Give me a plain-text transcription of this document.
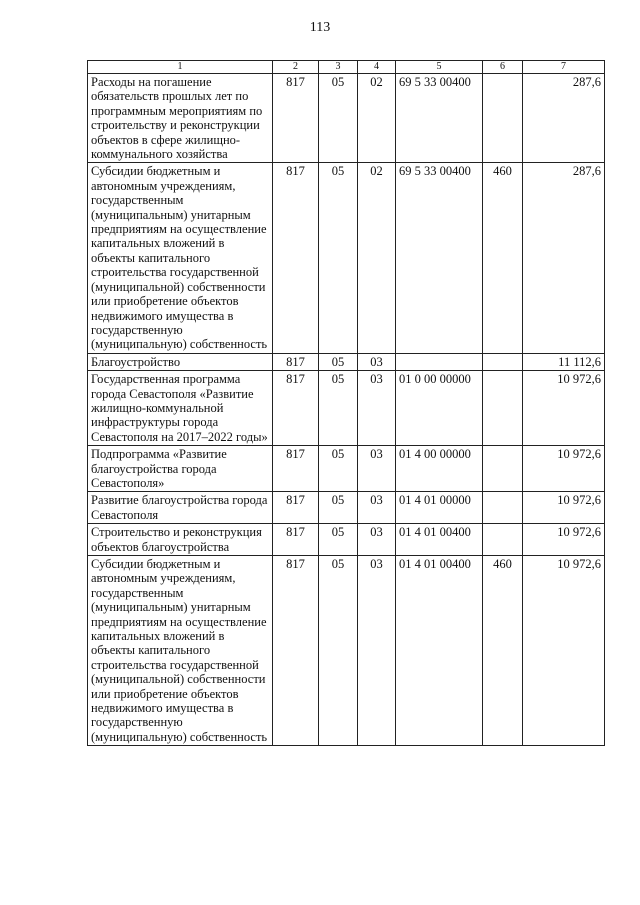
113
1	2	3	4	5	6	7
Расходы на погашение обязательств прошлых лет по программным мероприятиям по строительству и реконструкции объектов в сфере жилищно-коммунального хозяйства	817	05	02	69 5 33 00400		287,6
Субсидии бюджетным и автономным учреждениям, государственным (муниципальным) унитарным предприятиям на осуществление капитальных вложений в объекты капитального строительства государственной (муниципальной) собственности или приобретение объектов недвижимого имущества в государственную (муниципальную) собственность	817	05	02	69 5 33 00400	460	287,6
Благоустройство	817	05	03			11 112,6
Государственная программа города Севастополя «Развитие жилищно-коммунальной инфраструктуры города Севастополя на 2017–2022 годы»	817	05	03	01 0 00 00000		10 972,6
Подпрограмма «Развитие благоустройства города Севастополя»	817	05	03	01 4 00 00000		10 972,6
Развитие благоустройства города Севастополя	817	05	03	01 4 01 00000		10 972,6
Строительство и реконструкция объектов благоустройства	817	05	03	01 4 01 00400		10 972,6
Субсидии бюджетным и автономным учреждениям, государственным (муниципальным) унитарным предприятиям на осуществление капитальных вложений в объекты капитального строительства государственной (муниципальной) собственности или приобретение объектов недвижимого имущества в государственную (муниципальную) собственность	817	05	03	01 4 01 00400	460	10 972,6
